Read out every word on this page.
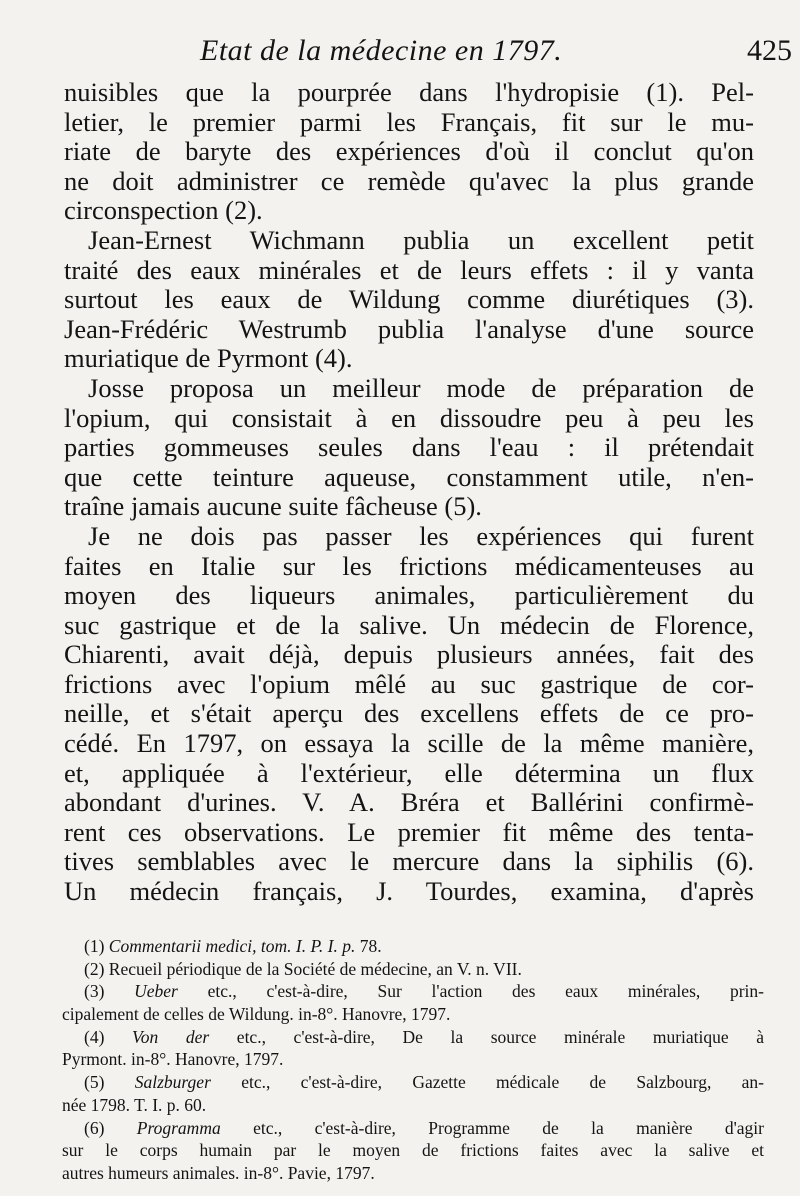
Etat de la médecine en 1797.	425
nuisibles que la pourprée dans l'hydropisie (1). Pel-
letier, le premier parmi les Français, fit sur le mu-
riate de baryte des expériences d'où il conclut qu'on
ne doit administrer ce remède qu'avec la plus grande
circonspection (2).
Jean-Ernest Wichmann publia un excellent petit
traité des eaux minérales et de leurs effets : il y vanta
surtout les eaux de Wildung comme diurétiques (3).
Jean-Frédéric Westrumb publia l'analyse d'une source
muriatique de Pyrmont (4).
Josse proposa un meilleur mode de préparation de
l'opium, qui consistait à en dissoudre peu à peu les
parties gommeuses seules dans l'eau : il prétendait
que cette teinture aqueuse, constamment utile, n'en-
traîne jamais aucune suite fâcheuse (5).
Je ne dois pas passer les expériences qui furent
faites en Italie sur les frictions médicamenteuses au
moyen des liqueurs animales, particulièrement du
suc gastrique et de la salive. Un médecin de Florence,
Chiarenti, avait déjà, depuis plusieurs années, fait des
frictions avec l'opium mêlé au suc gastrique de cor-
neille, et s'était aperçu des excellens effets de ce pro-
cédé. En 1797, on essaya la scille de la même manière,
et, appliquée à l'extérieur, elle détermina un flux
abondant d'urines. V. A. Bréra et Ballérini confirmè-
rent ces observations. Le premier fit même des tenta-
tives semblables avec le mercure dans la siphilis (6).
Un médecin français, J. Tourdes, examina, d'après
(1) Commentarii medici, tom. I. P. I. p. 78.
(2) Recueil périodique de la Société de médecine, an V. n. VII.
(3) Ueber etc., c'est-à-dire, Sur l'action des eaux minérales, prin-
cipalement de celles de Wildung. in-8°. Hanovre, 1797.
(4) Von der etc., c'est-à-dire, De la source minérale muriatique à
Pyrmont. in-8°. Hanovre, 1797.
(5) Salzburger etc., c'est-à-dire, Gazette médicale de Salzbourg, an-
née 1798. T. I. p. 60.
(6) Programma etc., c'est-à-dire, Programme de la manière d'agir
sur le corps humain par le moyen de frictions faites avec la salive et
autres humeurs animales. in-8°. Pavie, 1797.
